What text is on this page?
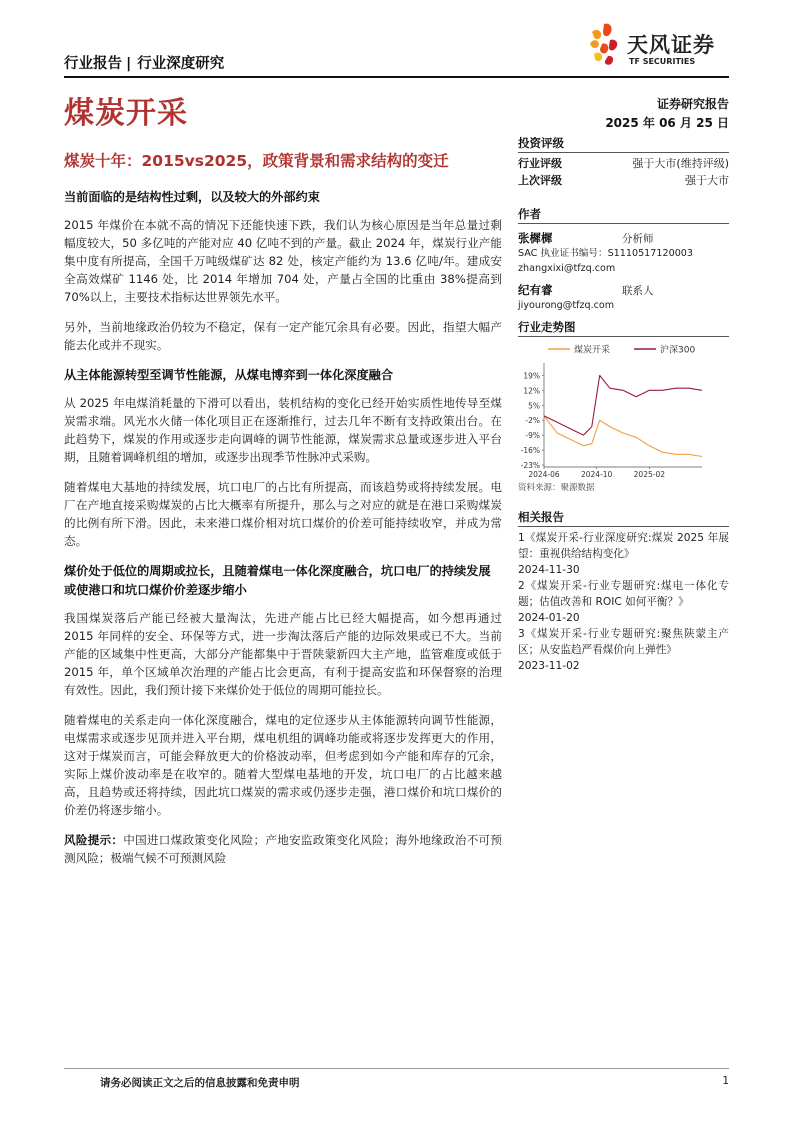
行业报告 | 行业深度研究
天风证券
TF SECURITIES
煤炭开采	证券研究报告
2025 年 06 月 25 日
煤炭十年：2015vs2025，政策背景和需求结构的变迁
当前面临的是结构性过剩，以及较大的外部约束

2015 年煤价在本就不高的情况下还能快速下跌，我们认为核心原因是当年总量过剩幅度较大，50 多亿吨的产能对应 40 亿吨不到的产量。截止 2024 年，煤炭行业产能集中度有所提高，全国千万吨级煤矿达 82 处，核定产能约为 13.6 亿吨/年。建成安全高效煤矿 1146 处，比 2014 年增加 704 处，产量占全国的比重由 38%提高到 70%以上，主要技术指标达世界领先水平。

另外，当前地缘政治仍较为不稳定，保有一定产能冗余具有必要。因此，指望大幅产能去化或并不现实。

从主体能源转型至调节性能源，从煤电博弈到一体化深度融合

从 2025 年电煤消耗量的下滑可以看出，装机结构的变化已经开始实质性地传导至煤炭需求端。风光水火储一体化项目正在逐渐推行，过去几年不断有支持政策出台。在此趋势下，煤炭的作用或逐步走向调峰的调节性能源，煤炭需求总量或逐步进入平台期，且随着调峰机组的增加，或逐步出现季节性脉冲式采购。

随着煤电大基地的持续发展，坑口电厂的占比有所提高，而该趋势或将持续发展。电厂在产地直接采购煤炭的占比大概率有所提升，那么与之对应的就是在港口采购煤炭的比例有所下滑。因此，未来港口煤价相对坑口煤价的价差可能持续收窄，并成为常态。

煤价处于低位的周期或拉长，且随着煤电一体化深度融合，坑口电厂的持续发展或使港口和坑口煤价价差逐步缩小

我国煤炭落后产能已经被大量淘汰，先进产能占比已经大幅提高，如今想再通过 2015 年同样的安全、环保等方式，进一步淘汰落后产能的边际效果或已不大。当前产能的区域集中性更高，大部分产能都集中于晋陕蒙新四大主产地，监管难度或低于 2015 年，单个区域单次治理的产能占比会更高，有利于提高安监和环保督察的治理有效性。因此，我们预计接下来煤价处于低位的周期可能拉长。

随着煤电的关系走向一体化深度融合，煤电的定位逐步从主体能源转向调节性能源，电煤需求或逐步见顶并进入平台期，煤电机组的调峰功能或将逐步发挥更大的作用，这对于煤炭而言，可能会释放更大的价格波动率，但考虑到如今产能和库存的冗余，实际上煤价波动率是在收窄的。随着大型煤电基地的开发，坑口电厂的占比越来越高，且趋势或还将持续，因此坑口煤炭的需求或仍逐步走强，港口煤价和坑口煤价的价差仍将逐步缩小。

风险提示：中国进口煤政策变化风险；产地安监政策变化风险；海外地缘政治不可预测风险；极端气候不可预测风险

投资评级
行业评级	强于大市(维持评级)
上次评级	强于大市
作者
张樨樨	分析师
SAC 执业证书编号：S1110517120003
zhangxixi@tfzq.com
纪有睿	联系人
jiyourong@tfzq.com
行业走势图
煤炭开采	沪深300
19%
12%
5%
-2%
-9%
-16%
-23%
2024-06	2024-10	2025-02
资料来源：聚源数据
相关报告
1《煤炭开采-行业深度研究:煤炭 2025 年展望：重视供给结构变化》
2024-11-30
2《煤炭开采-行业专题研究:煤电一体化专题；估值改善和 ROIC 如何平衡？》
2024-01-20
3《煤炭开采-行业专题研究:聚焦陕蒙主产区；从安监趋严看煤价向上弹性》
2023-11-02
请务必阅读正文之后的信息披露和免责申明	1
